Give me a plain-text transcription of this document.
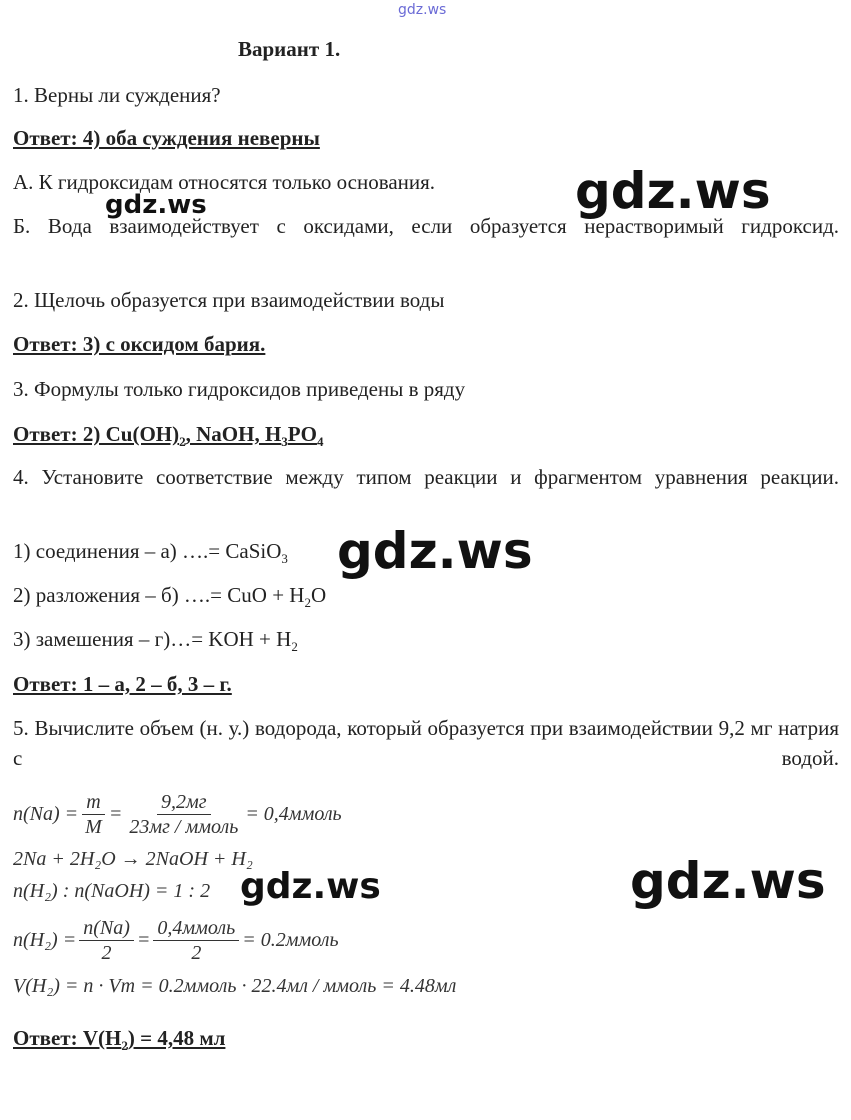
gdz.ws
Вариант 1.
1. Верны ли суждения?
Ответ: 4) оба суждения неверны
А. К гидроксидам относятся только основания.
Б. Вода взаимодействует с оксидами, если образуется нерастворимый гидроксид.
2. Щелочь образуется при взаимодействии воды
Ответ: 3) с оксидом бария.
3. Формулы только гидроксидов приведены в ряду
Ответ: 2) $Cu(OH)_2$, NaOH, $H_3PO_4$
4. Установите соответствие между типом реакции и фрагментом уравнения реакции.
1) соединения – а) ….= CaSiO$_3$
2) разложения – б) ….= CuO + $H_2O$
3) замешения – г)…= KOH + $H_2$
Ответ: 1 – а, 2 – б, 3 – г.
5. Вычислите объем (н. у.) водорода, который образуется при взаимодействии 9,2 мг натрия с водой.
$n(Na) = \frac{m}{M} = \frac{9,2мг}{\text{23мг / ммоль}}$ = 0,4ммоль
2Na + 2H₂O → 2NaOH + H₂
n(H₂) : n(NaOH) = 1 : 2
$n(H_2) = \frac{n(Na)}{2} = \frac{\text{0,4ммоль}}{2}$ = 0.2ммоль
V(H₂) = n · Vm = 0.2ммоль · 22.4мл / ммоль = 4.48мл
Ответ: $V(H_2) = 4,48$ мл
gdz.ws
gdz.ws
gdz.ws
gdz.ws
gdz.ws
